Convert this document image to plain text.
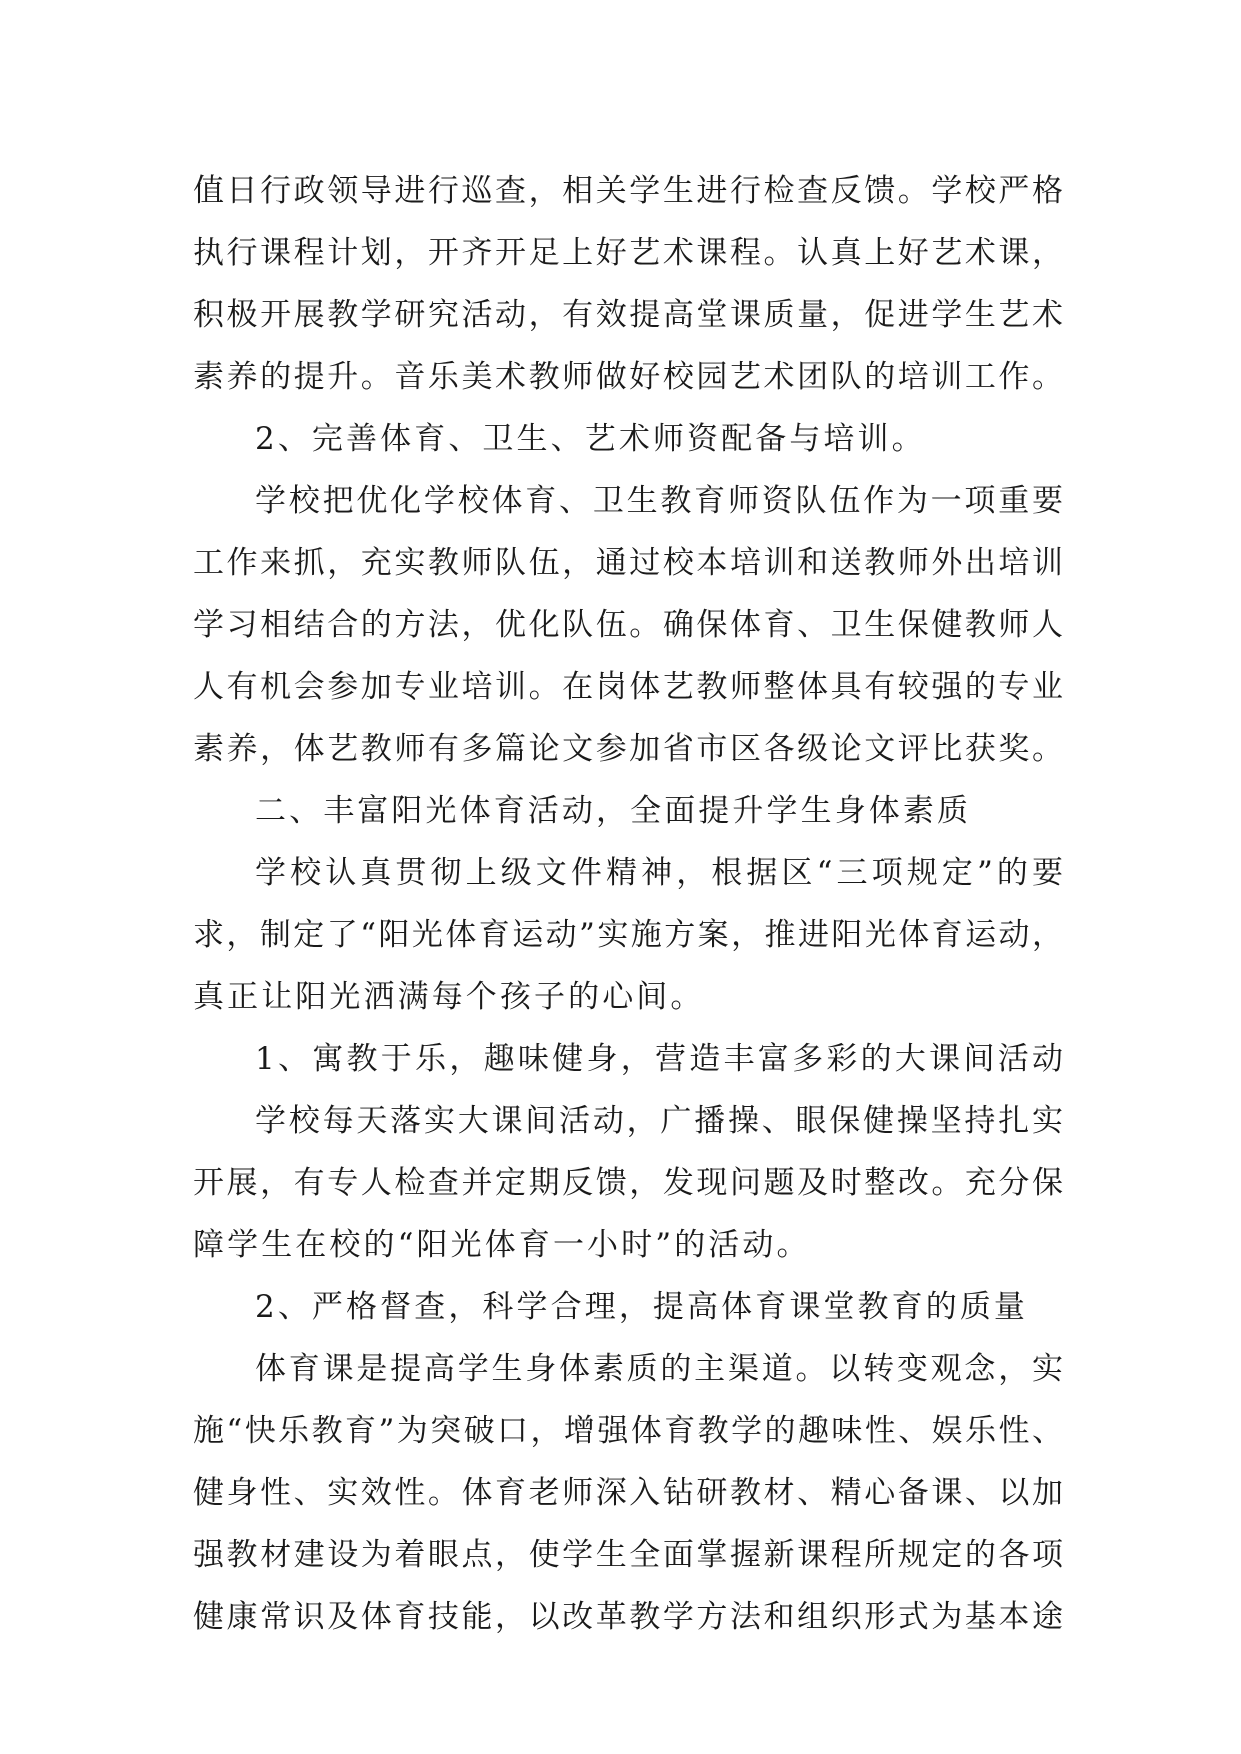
值日行政领导进行巡查，相关学生进行检查反馈。学校严格
执行课程计划，开齐开足上好艺术课程。认真上好艺术课，
积极开展教学研究活动，有效提高堂课质量，促进学生艺术
素养的提升。音乐美术教师做好校园艺术团队的培训工作。
2、完善体育、卫生、艺术师资配备与培训。
学校把优化学校体育、卫生教育师资队伍作为一项重要
工作来抓，充实教师队伍，通过校本培训和送教师外出培训
学习相结合的方法，优化队伍。确保体育、卫生保健教师人
人有机会参加专业培训。在岗体艺教师整体具有较强的专业
素养，体艺教师有多篇论文参加省市区各级论文评比获奖。
二、丰富阳光体育活动，全面提升学生身体素质
学校认真贯彻上级文件精神，根据区“三项规定”的要
求，制定了“阳光体育运动”实施方案，推进阳光体育运动，
真正让阳光洒满每个孩子的心间。
1、寓教于乐，趣味健身，营造丰富多彩的大课间活动
学校每天落实大课间活动，广播操、眼保健操坚持扎实
开展，有专人检查并定期反馈，发现问题及时整改。充分保
障学生在校的“阳光体育一小时”的活动。
2、严格督查，科学合理，提高体育课堂教育的质量
体育课是提高学生身体素质的主渠道。以转变观念，实
施“快乐教育”为突破口，增强体育教学的趣味性、娱乐性、
健身性、实效性。体育老师深入钻研教材、精心备课、以加
强教材建设为着眼点，使学生全面掌握新课程所规定的各项
健康常识及体育技能，以改革教学方法和组织形式为基本途
